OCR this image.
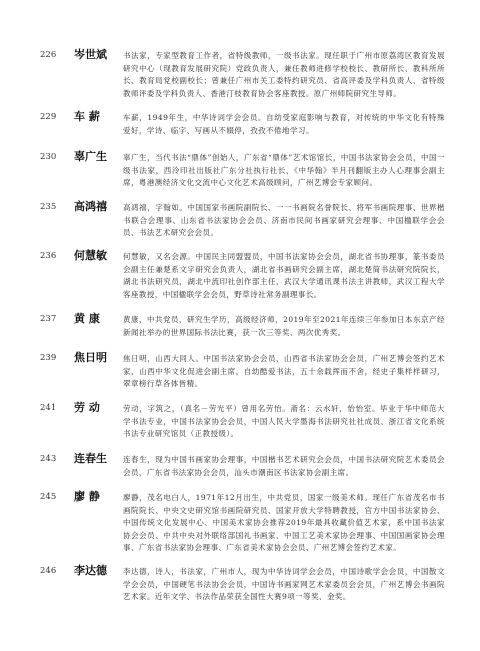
226	岑世斌	书法家，专家型教育工作者，省特级教师，一级书法家。现任职于广州市原荔湾区教育发展研究中心（现教育发展研究院）党政负责人，兼任教师进修学校校长、教研所长、教科所所长、教育局党校副校长；曾兼任广州市关工委特约研究员、省高评委及学科负责人、省特级教师评委及学科负责人、香港汀枝教育协会客座教授。原广州师院研究生导师。
229	车 薪	车薪，1949年生，中华诗词学会会员。自幼受家庭影响与教育，对传统的中华文化有特殊爱好，学诗、临字、写画从不辍停，孜孜不倦地学习。
230	辜广生	辜广生，当代书法“鼎体”创始人，广东省“鼎体”艺术馆馆长，中国书法家协会会员，中国一级书法家，西泠印社出版社广东分社执行社长，《中华翰》半月刊翻版主办人心理事会副主席，粤港澳经济文化交流中心文化艺术高级顾问，广州艺博会专家顾问。
235	高鸿禧	高鸿禧，字翰如。中国国家书画院副院长、一一书画院名誉院长、将军书画院理事、世界楷书联合会理事、山东省书法家协会会员、济南市民间书画家研究会理事、中国楹联学会会员、书法艺术研究会会员。
236	何慧敏	何慧敏，又名会源。中国民主同盟盟员，中国书法家协会会员，湖北省书协理事，篆书委员会副主任兼楚系文字研究会负责人，湖北省书画研究会副主席，湖北楚简书法研究院院长，湖北书法研究员，湖北中流印社创作部主任，武汉大学通讯课书法主讲教师，武汉工程大学客座教授，中国楹联学会会员，野草诗社常务副理事长。
237	黄 康	黄康，中共党员，研究生学历，高级经济师，2019年至2021年连续三年参加日本东京产经新闻社举办的世界国际书法比赛，获一次三等奖、两次优秀奖。
239	焦日明	焦日明，山西大同人。中国书法家协会会员，山西省书法家协会会员，广州艺博会签约艺术家，山西中华文化促进会副主席，自幼酷爱书法，五十余载挥而不舍，经史子集样样研习，翠章榜行草各体皆精。
241	劳 动	劳动，字筑之，（真名－劳光平）曾用名劳怡。斋名：云水轩，怡怡室。毕业于华中师范大学书法专业，中国书法家协会会员，中国人民大学墨海书法研究社社成员、浙江省文化系统书法专业研究馆员（正教授级）。
243	连春生	连春生，现为中国书画家协会理事，中国楷书艺术研究会会员，中国书法研究院艺术委员会会员，广东省书法家协会会员，汕头市潮南区书法家协会副主席。
245	廖 静	廖静，茂名电白人，1971年12月出生，中共党员，国家一级美术师。现任广东省茂名市书画院院长、中央文史研究馆书画院研究员、国家开放大学特聘教授，官方中国书法家协会、中国传统文化发展中心、中国美术家协会推荐2019年最具收藏价值艺术家，系中国书法家协会会员、中共中央对外联络部国礼书画家、中国工艺美术家协会理事、中国国画家协会理事、广东省书法家协会理事、广东省美术家协会会员、广州艺博会签约艺术家。
246	李达德	李达德，诗人，书法家，广州市人，现为中华诗词学会会员，中国诗歌学会会员，中国散文学会会员，中国硬笔书法协会会员，中国诗书画家网艺术家委员会会员，广州艺博会书画院艺术家。近年文学、书法作品荣获全国性大赛9项一等奖、金奖。
